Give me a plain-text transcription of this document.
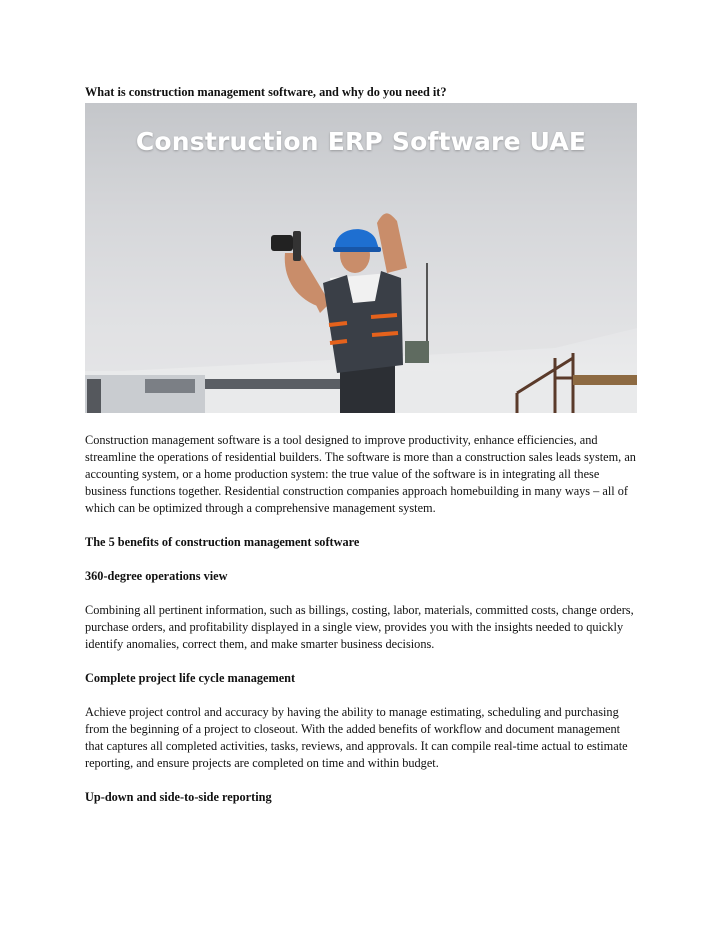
What is construction management software, and why do you need it?

Construction ERP Software UAE

Construction management software is a tool designed to improve productivity, enhance efficiencies, and streamline the operations of residential builders. The software is more than a construction sales leads system, an accounting system, or a home production system: the true value of the software is in integrating all these business functions together. Residential construction companies approach homebuilding in many ways – all of which can be optimized through a comprehensive management system.

The 5 benefits of construction management software

360-degree operations view

Combining all pertinent information, such as billings, costing, labor, materials, committed costs, change orders, purchase orders, and profitability displayed in a single view, provides you with the insights needed to quickly identify anomalies, correct them, and make smarter business decisions.

Complete project life cycle management

Achieve project control and accuracy by having the ability to manage estimating, scheduling and purchasing from the beginning of a project to closeout. With the added benefits of workflow and document management that captures all completed activities, tasks, reviews, and approvals. It can compile real-time actual to estimate reporting, and ensure projects are completed on time and within budget.

Up-down and side-to-side reporting
